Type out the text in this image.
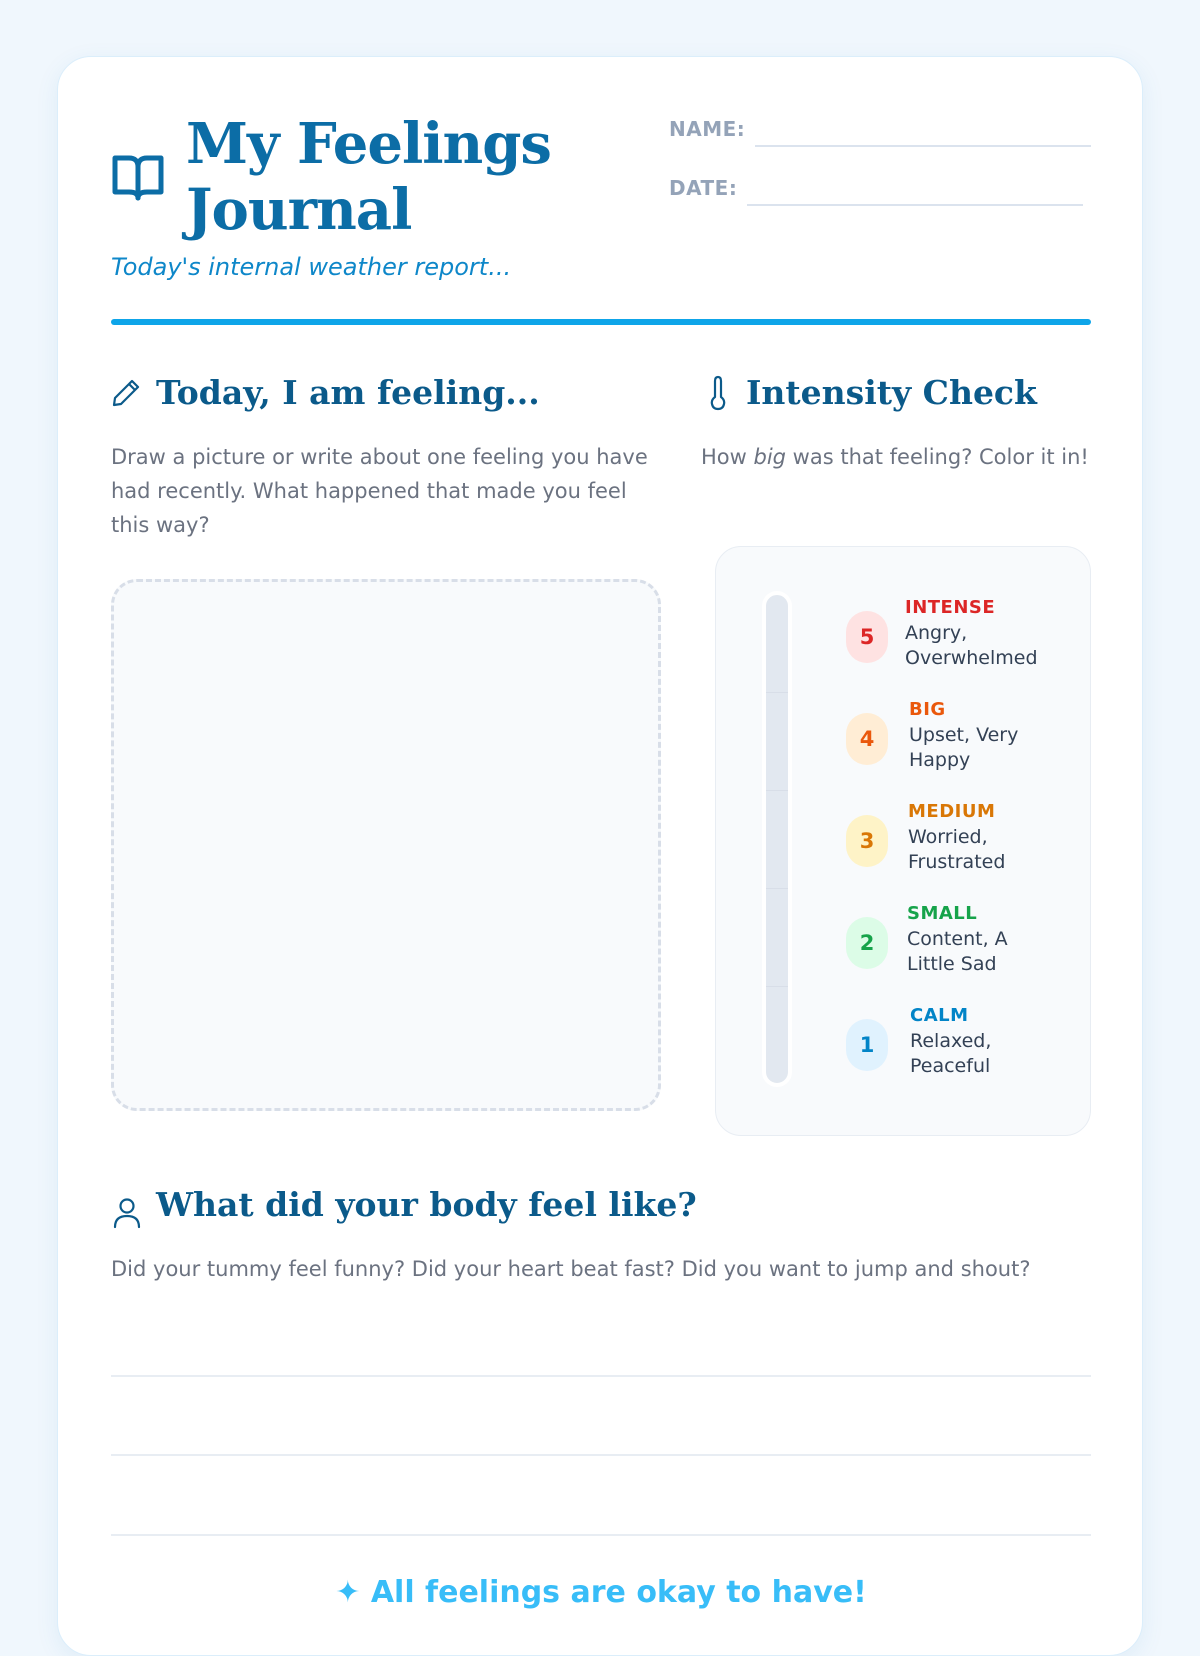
My Feelings Journal
Today's internal weather report...
NAME:
DATE:
Today, I am feeling...
Draw a picture or write about one feeling you have had recently. What happened that made you feel this way?
Intensity Check
How big was that feeling? Color it in!
5
INTENSE
Angry, Overwhelmed
4
BIG
Upset, Very Happy
3
MEDIUM
Worried, Frustrated
2
SMALL
Content, A Little Sad
1
CALM
Relaxed, Peaceful
What did your body feel like?
Did your tummy feel funny? Did your heart beat fast? Did you want to jump and shout?
✦ All feelings are okay to have!
